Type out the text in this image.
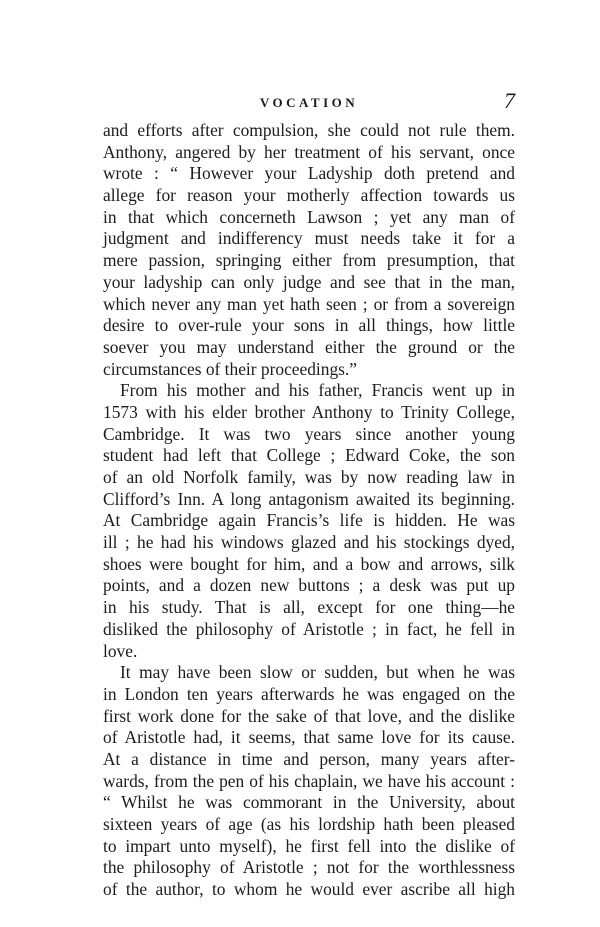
VOCATION	7
and efforts after compulsion, she could not rule them.
Anthony, angered by her treatment of his servant, once
wrote : “ However your Ladyship doth pretend and
allege for reason your motherly affection towards us
in that which concerneth Lawson ; yet any man of
judgment and indifferency must needs take it for a
mere passion, springing either from presumption, that
your ladyship can only judge and see that in the man,
which never any man yet hath seen ; or from a sovereign
desire to over-rule your sons in all things, how little
soever you may understand either the ground or the
circumstances of their proceedings.”
From his mother and his father, Francis went up in
1573 with his elder brother Anthony to Trinity College,
Cambridge. It was two years since another young
student had left that College ; Edward Coke, the son
of an old Norfolk family, was by now reading law in
Clifford’s Inn. A long antagonism awaited its beginning.
At Cambridge again Francis’s life is hidden. He was
ill ; he had his windows glazed and his stockings dyed,
shoes were bought for him, and a bow and arrows, silk
points, and a dozen new buttons ; a desk was put up
in his study. That is all, except for one thing—he
disliked the philosophy of Aristotle ; in fact, he fell in
love.
It may have been slow or sudden, but when he was
in London ten years afterwards he was engaged on the
first work done for the sake of that love, and the dislike
of Aristotle had, it seems, that same love for its cause.
At a distance in time and person, many years after-
wards, from the pen of his chaplain, we have his account :
“ Whilst he was commorant in the University, about
sixteen years of age (as his lordship hath been pleased
to impart unto myself), he first fell into the dislike of
the philosophy of Aristotle ; not for the worthlessness
of the author, to whom he would ever ascribe all high
